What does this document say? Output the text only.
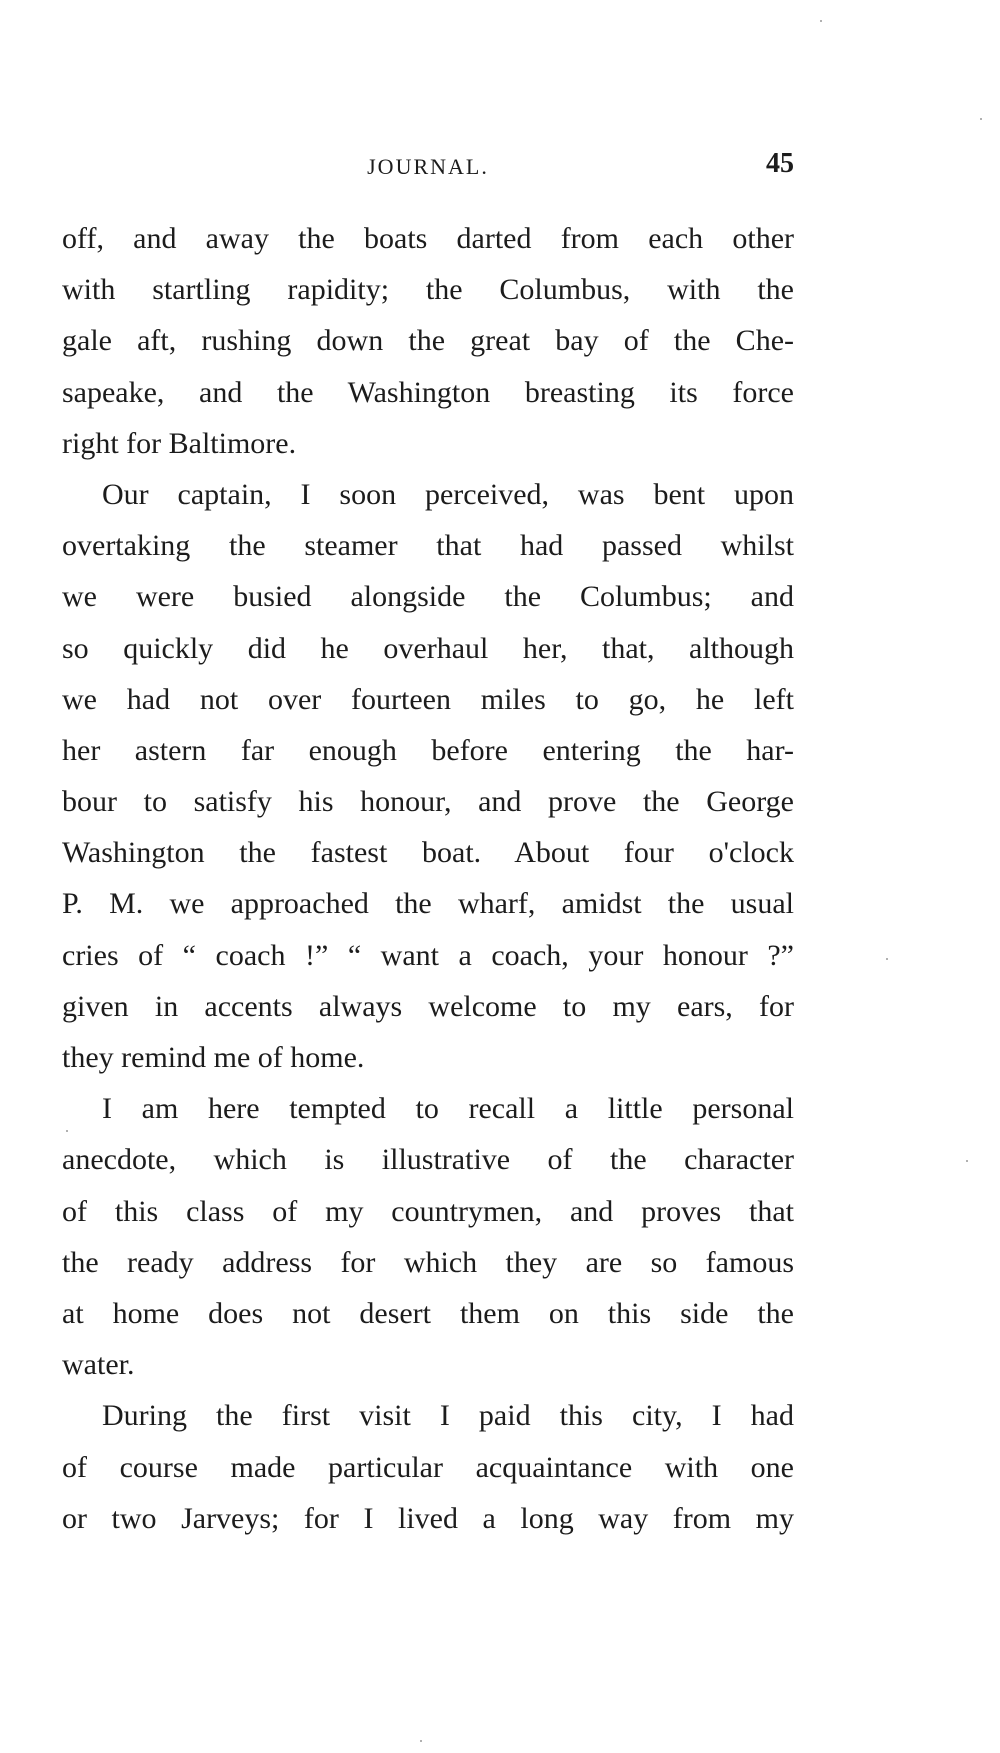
JOURNAL.	45
off, and away the boats darted from each other
with startling rapidity; the Columbus, with the
gale aft, rushing down the great bay of the Che-
sapeake, and the Washington breasting its force
right for Baltimore.
Our captain, I soon perceived, was bent upon
overtaking the steamer that had passed whilst
we were busied alongside the Columbus; and
so quickly did he overhaul her, that, although
we had not over fourteen miles to go, he left
her astern far enough before entering the har-
bour to satisfy his honour, and prove the George
Washington the fastest boat. About four o'clock
P. M. we approached the wharf, amidst the usual
cries of “ coach !” “ want a coach, your honour ?”
given in accents always welcome to my ears, for
they remind me of home.
I am here tempted to recall a little personal
anecdote, which is illustrative of the character
of this class of my countrymen, and proves that
the ready address for which they are so famous
at home does not desert them on this side the
water.
During the first visit I paid this city, I had
of course made particular acquaintance with one
or two Jarveys; for I lived a long way from my
